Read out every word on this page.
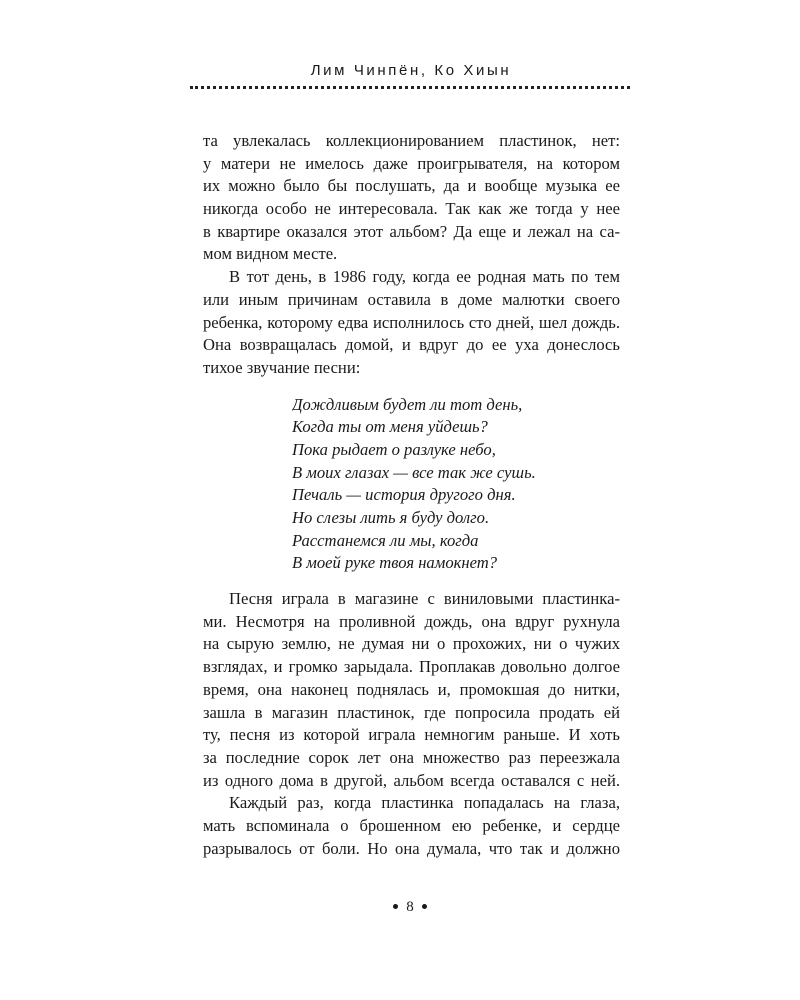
Лим Чинпён, Ко Хиын
та увлекалась коллекционированием пластинок, нет:
у матери не имелось даже проигрывателя, на котором
их можно было бы послушать, да и вообще музыка ее
никогда особо не интересовала. Так как же тогда у нее
в квартире оказался этот альбом? Да еще и лежал на са-
мом видном месте.
В тот день, в 1986 году, когда ее родная мать по тем
или иным причинам оставила в доме малютки своего
ребенка, которому едва исполнилось сто дней, шел дождь.
Она возвращалась домой, и вдруг до ее уха донеслось
тихое звучание песни:
Дождливым будет ли тот день,
Когда ты от меня уйдешь?
Пока рыдает о разлуке небо,
В моих глазах — все так же сушь.
Печаль — история другого дня.
Но слезы лить я буду долго.
Расстанемся ли мы, когда
В моей руке твоя намокнет?
Песня играла в магазине с виниловыми пластинка-
ми. Несмотря на проливной дождь, она вдруг рухнула
на сырую землю, не думая ни о прохожих, ни о чужих
взглядах, и громко зарыдала. Проплакав довольно долгое
время, она наконец поднялась и, промокшая до нитки,
зашла в магазин пластинок, где попросила продать ей
ту, песня из которой играла немногим раньше. И хоть
за последние сорок лет она множество раз переезжала
из одного дома в другой, альбом всегда оставался с ней.
Каждый раз, когда пластинка попадалась на глаза,
мать вспоминала о брошенном ею ребенке, и сердце
разрывалось от боли. Но она думала, что так и должно
8
